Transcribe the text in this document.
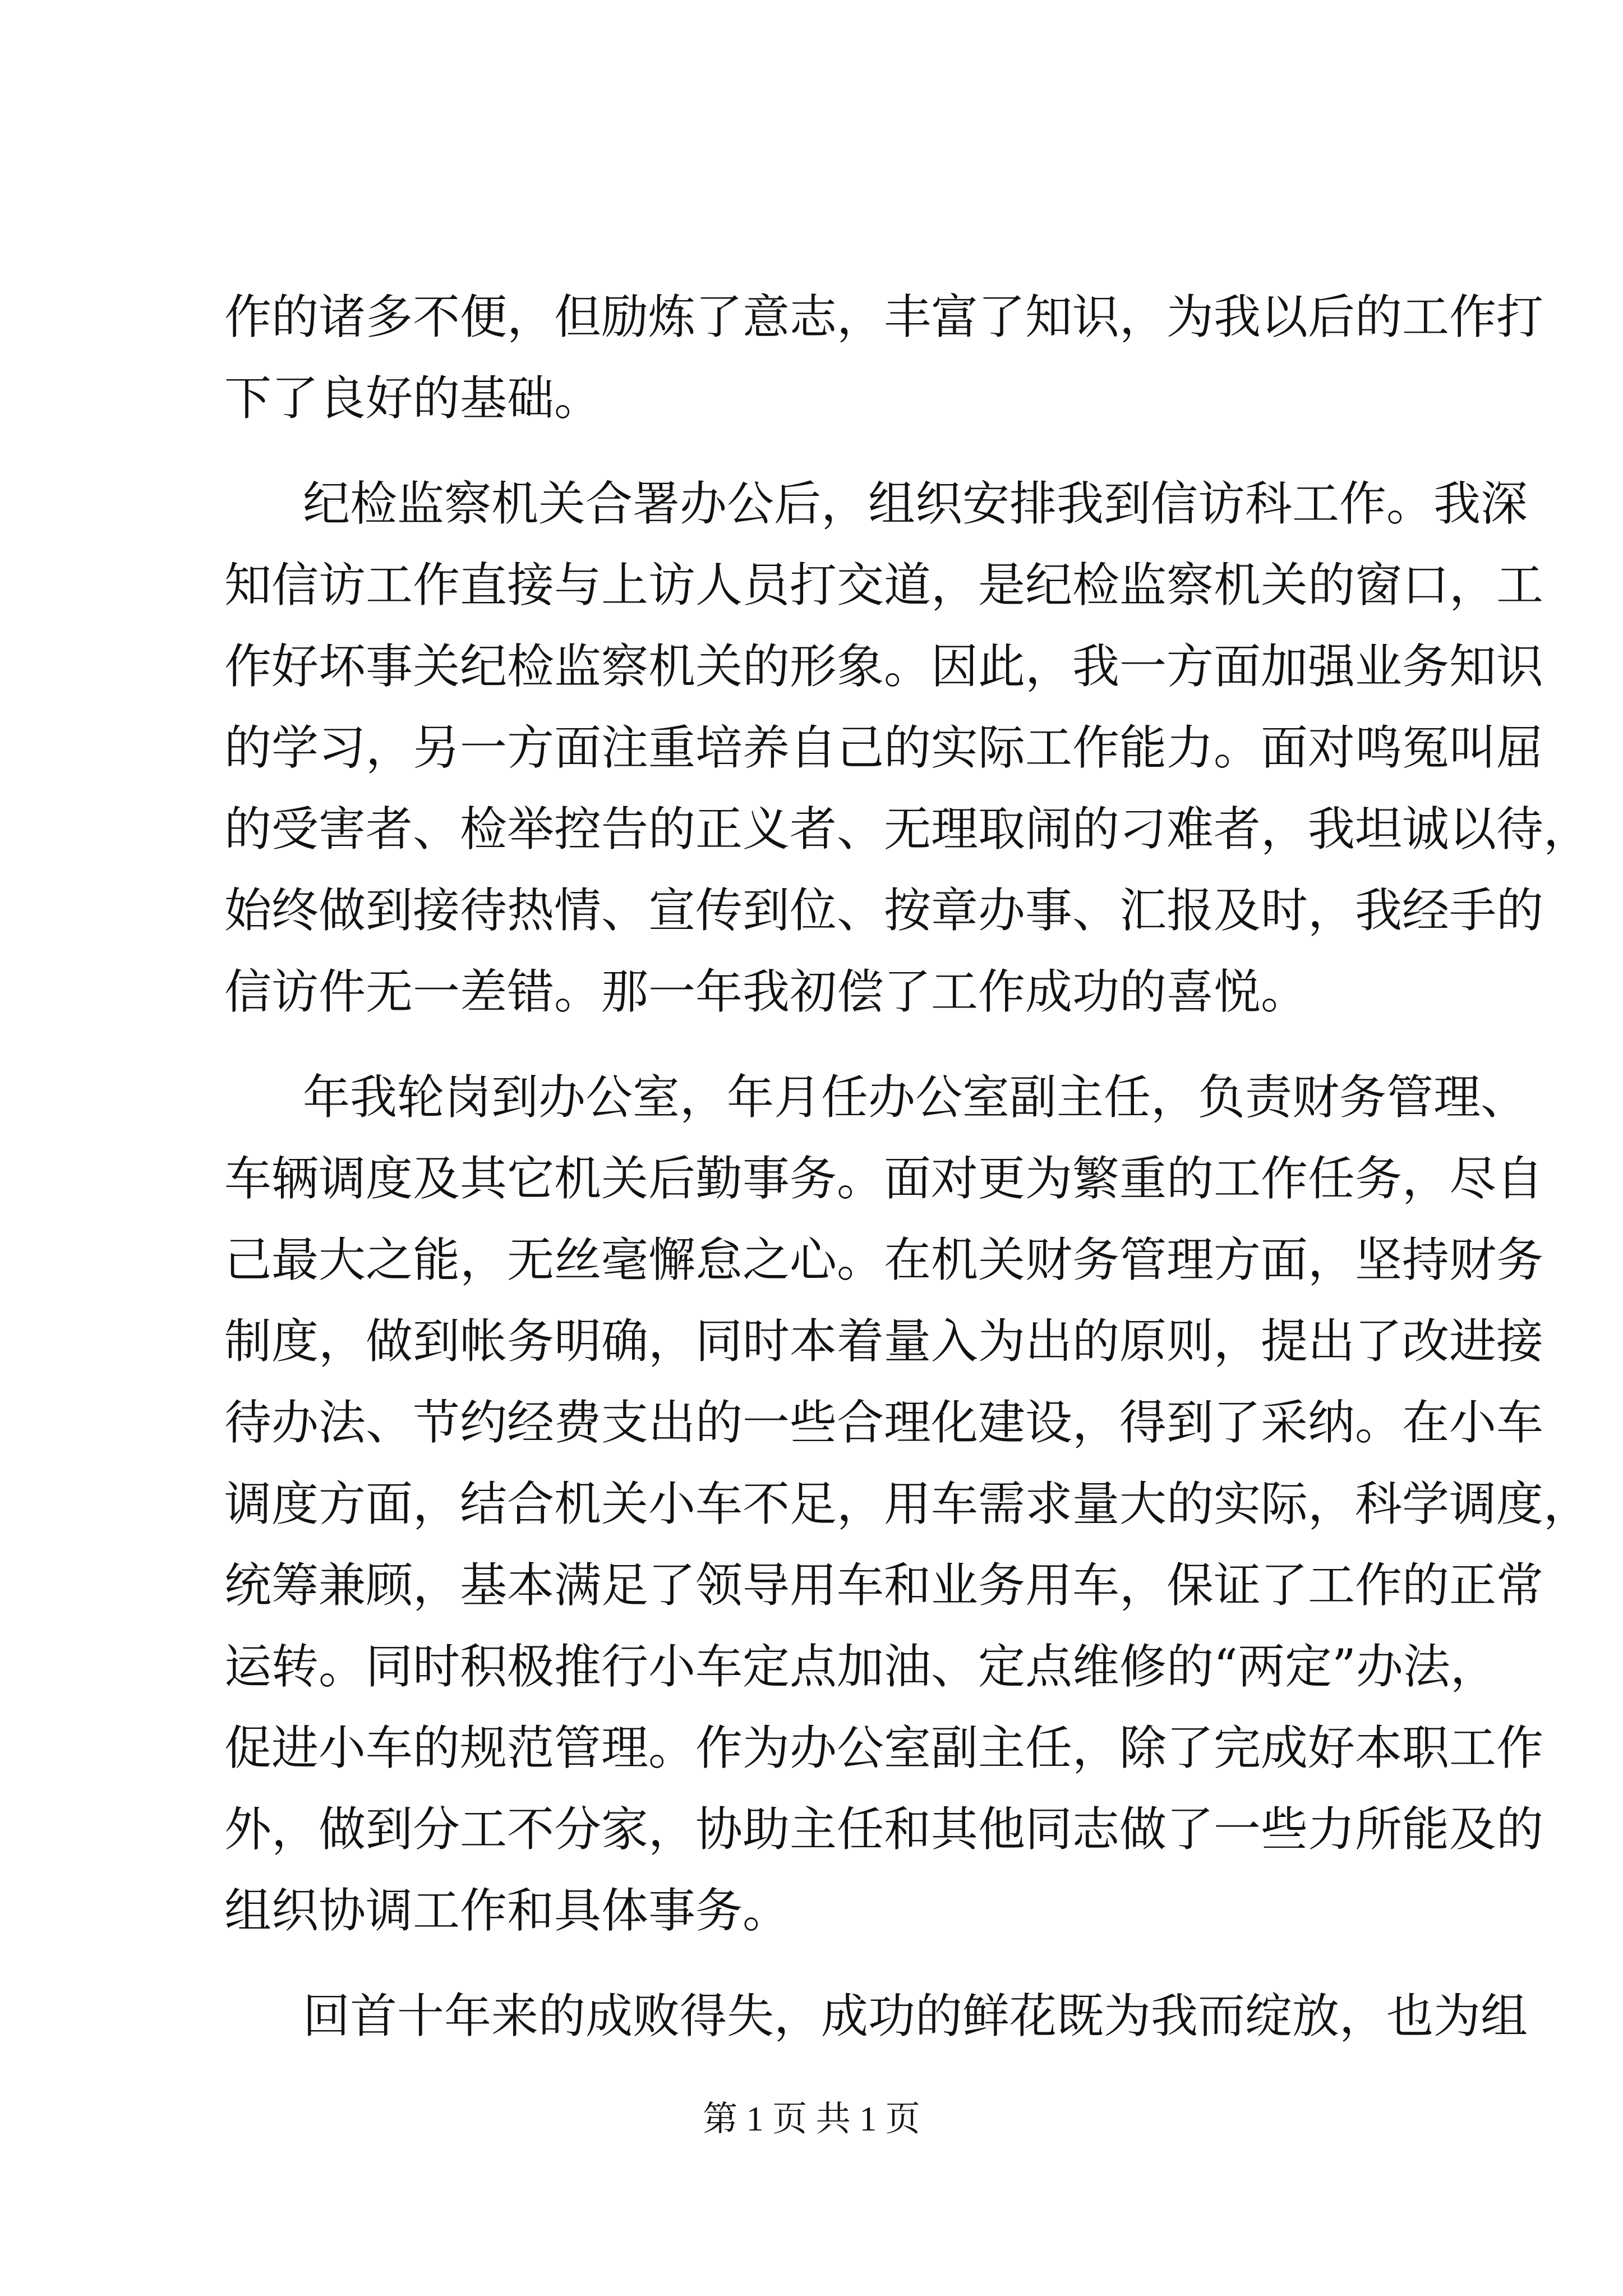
作的诸多不便，但励炼了意志，丰富了知识，为我以后的工作打
下了良好的基础。
纪检监察机关合署办公后，组织安排我到信访科工作。我深
知信访工作直接与上访人员打交道，是纪检监察机关的窗口，工
作好坏事关纪检监察机关的形象。因此，我一方面加强业务知识
的学习，另一方面注重培养自己的实际工作能力。面对鸣冤叫屈
的受害者、检举控告的正义者、无理取闹的刁难者，我坦诚以待，
始终做到接待热情、宣传到位、按章办事、汇报及时，我经手的
信访件无一差错。那一年我初偿了工作成功的喜悦。
年我轮岗到办公室，年月任办公室副主任，负责财务管理、
车辆调度及其它机关后勤事务。面对更为繁重的工作任务，尽自
己最大之能，无丝毫懈怠之心。在机关财务管理方面，坚持财务
制度，做到帐务明确，同时本着量入为出的原则，提出了改进接
待办法、节约经费支出的一些合理化建设，得到了采纳。在小车
调度方面，结合机关小车不足，用车需求量大的实际，科学调度，
统筹兼顾，基本满足了领导用车和业务用车，保证了工作的正常
运转。同时积极推行小车定点加油、定点维修的“两定”办法，
促进小车的规范管理。作为办公室副主任，除了完成好本职工作
外，做到分工不分家，协助主任和其他同志做了一些力所能及的
组织协调工作和具体事务。
回首十年来的成败得失，成功的鲜花既为我而绽放，也为组
第 1 页 共 1 页
